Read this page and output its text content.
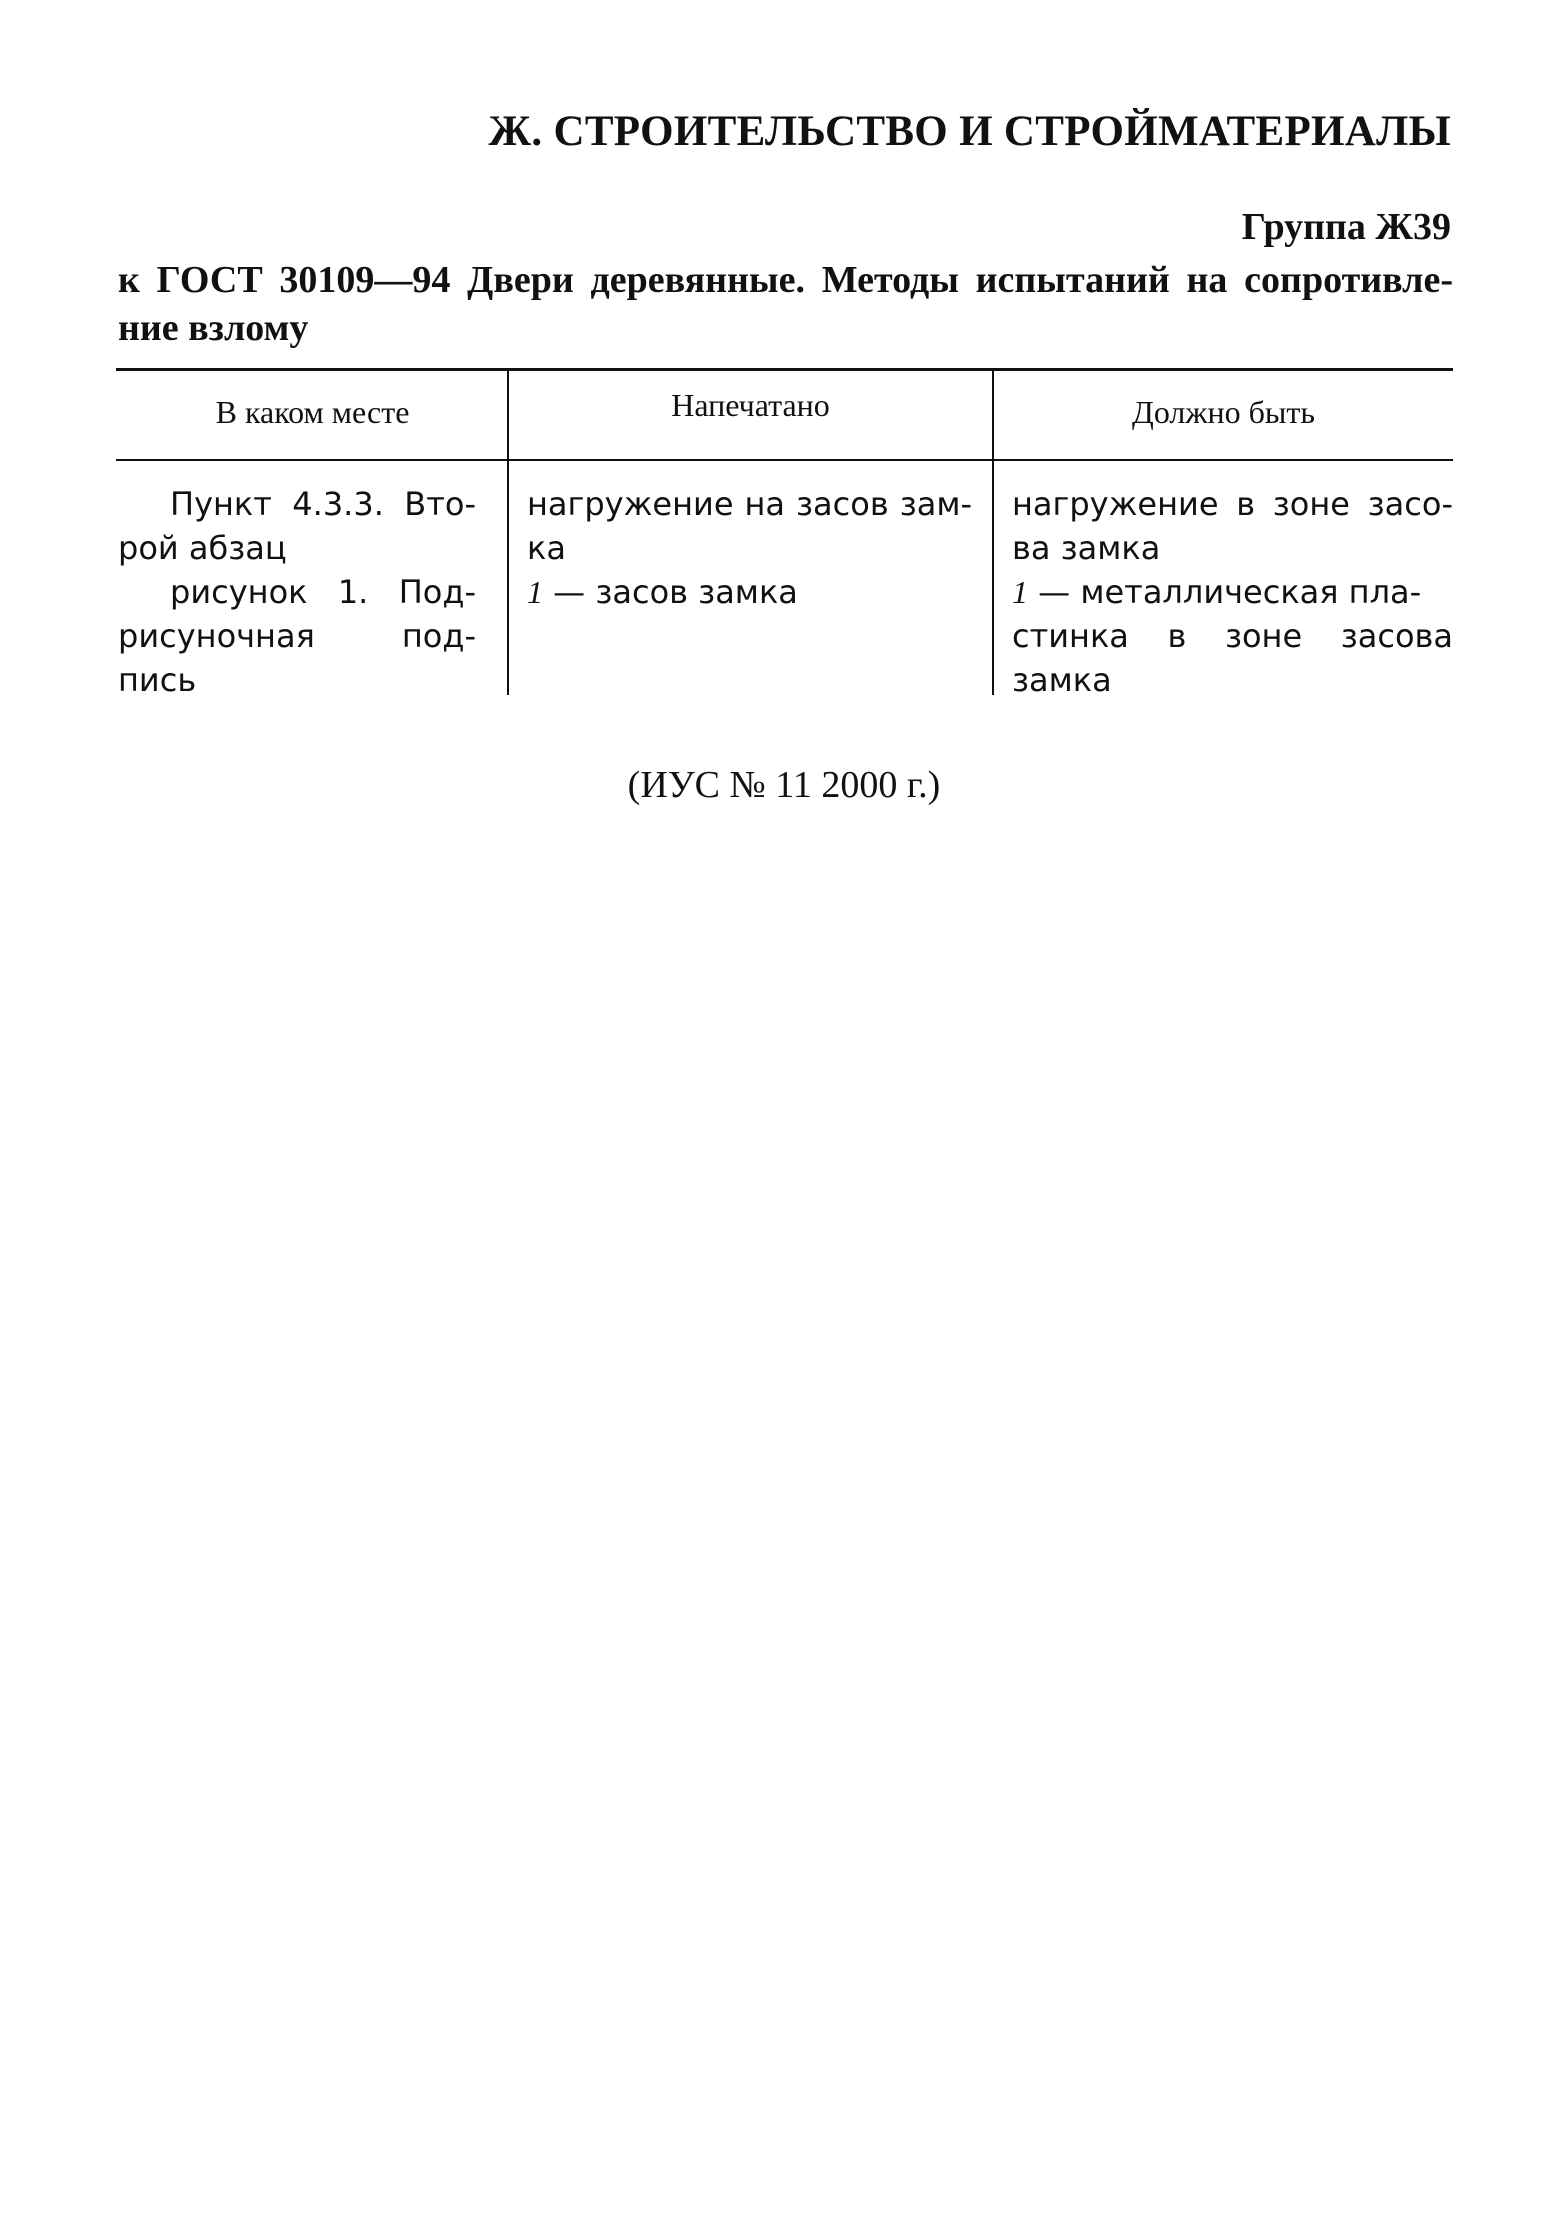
Ж. СТРОИТЕЛЬСТВО И СТРОЙМАТЕРИАЛЫ
Группа Ж39
к ГОСТ 30109—94 Двери деревянные. Методы испытаний на сопротивле-
ние взлому
В каком месте	Напечатано	Должно быть
Пункт 4.3.3. Вто-
рой абзац
рисунок 1. Под-
рисуночная под-
пись
нагружение на засов зам-
ка
1 — засов замка
нагружение в зоне засо-
ва замка
1 — металлическая пла-
стинка в зоне засова
замка
(ИУС № 11 2000 г.)
